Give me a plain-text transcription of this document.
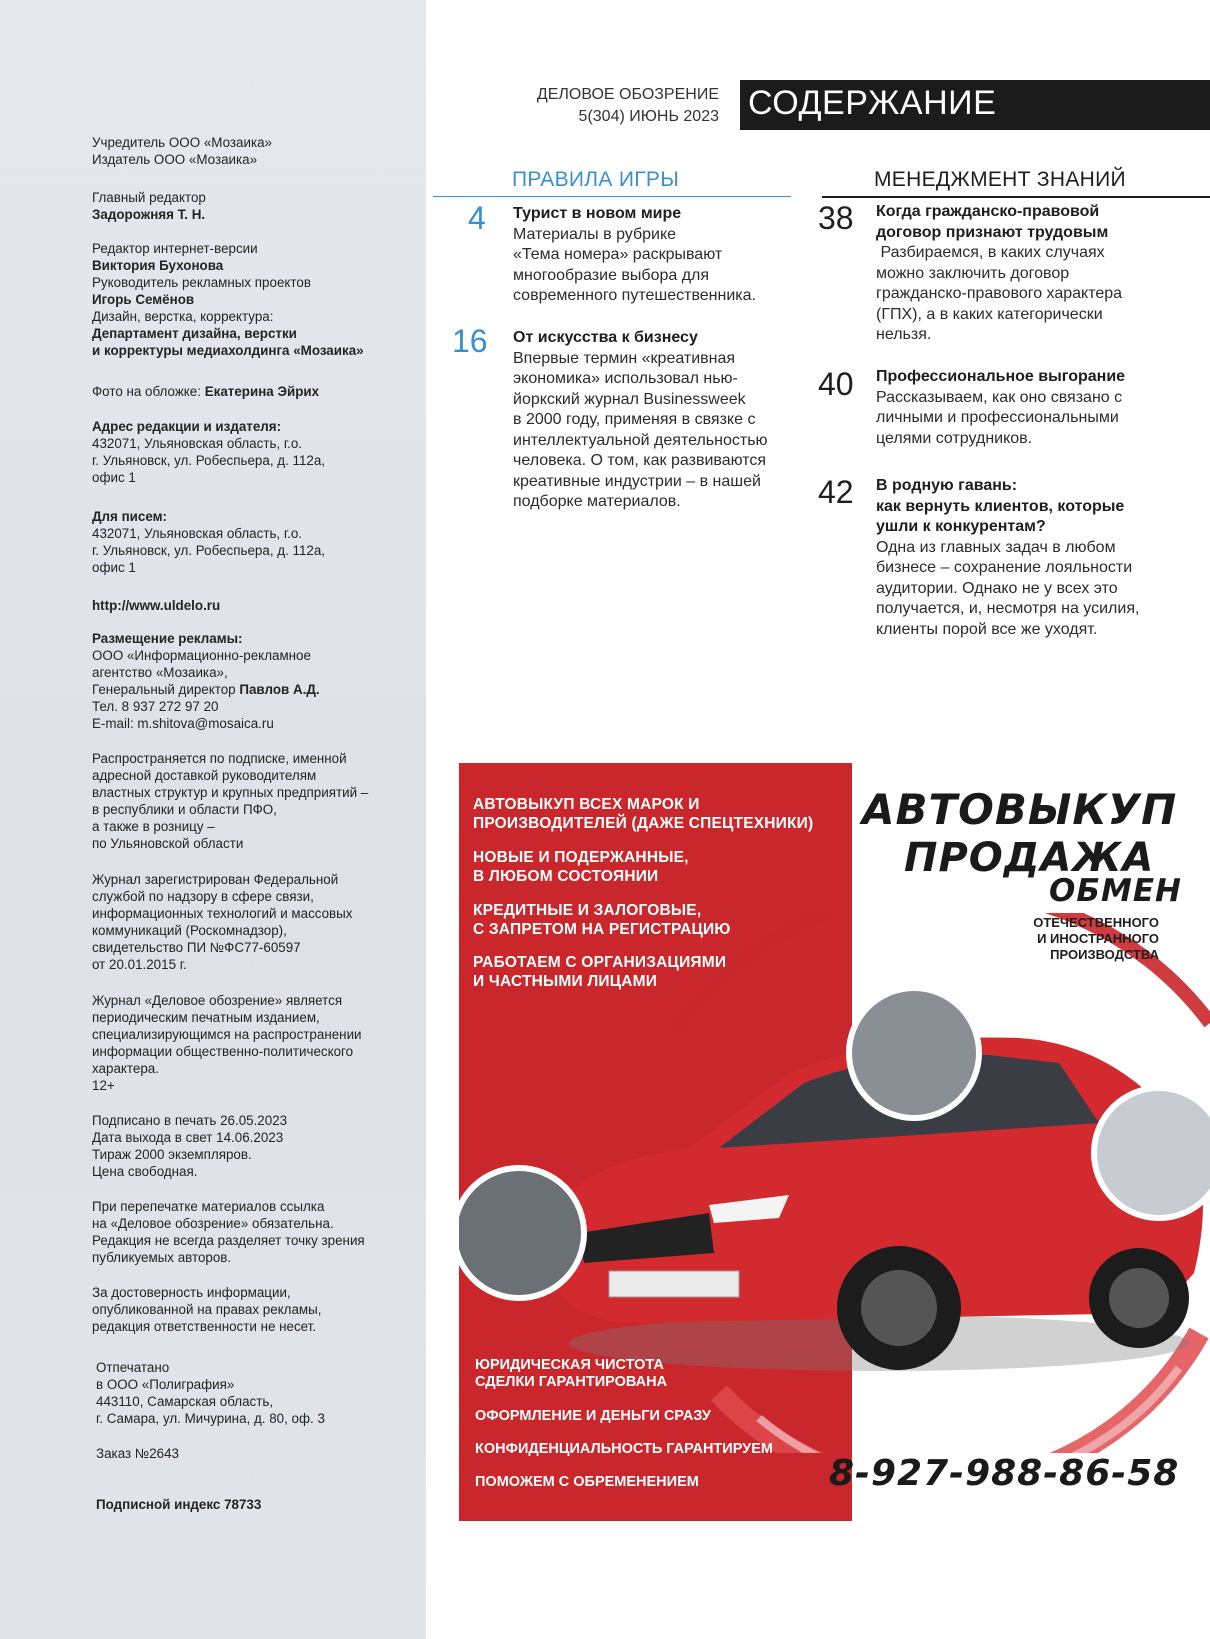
Учредитель ООО «Мозаика»
Издатель ООО «Мозаика»
Главный редактор
Задорожняя Т. Н.
Редактор интернет-версии
Виктория Бухонова
Руководитель рекламных проектов
Игорь Семёнов
Дизайн, верстка, корректура:
Департамент дизайна, верстки
и корректуры медиахолдинга «Мозаика»
Фото на обложке: Екатерина Эйрих
Адрес редакции и издателя:
432071, Ульяновская область, г.о.
г. Ульяновск, ул. Робеспьера, д. 112а,
офис 1
Для писем:
432071, Ульяновская область, г.о.
г. Ульяновск, ул. Робеспьера, д. 112а,
офис 1
http://www.uldelo.ru
Размещение рекламы:
ООО «Информационно-рекламное
агентство «Мозаика»,
Генеральный директор Павлов А.Д.
Тел. 8 937 272 97 20
E-mail: m.shitova@mosaica.ru
Распространяется по подписке, именной
адресной доставкой руководителям
властных структур и крупных предприятий –
в республики и области ПФО,
а также в розницу –
по Ульяновской области
Журнал зарегистрирован Федеральной
службой по надзору в сфере связи,
информационных технологий и массовых
коммуникаций (Роскомнадзор),
свидетельство ПИ №ФС77-60597
от 20.01.2015 г.
Журнал «Деловое обозрение» является
периодическим печатным изданием,
специализирующимся на распространении
информации общественно-политического
характера.
12+
Подписано в печать 26.05.2023
Дата выхода в свет 14.06.2023
Тираж 2000 экземпляров.
Цена свободная.
При перепечатке материалов ссылка
на «Деловое обозрение» обязательна.
Редакция не всегда разделяет точку зрения
публикуемых авторов.
За достоверность информации,
опубликованной на правах рекламы,
редакция ответственности не несет.
Отпечатано
в ООО «Полиграфия»
443110, Самарская область,
г. Самара, ул. Мичурина, д. 80, оф. 3
Заказ №2643
Подписной индекс 78733
ДЕЛОВОЕ ОБОЗРЕНИЕ
5(304) ИЮНЬ 2023 СОДЕРЖАНИЕ
ПРАВИЛА ИГРЫ
4 Турист в новом мире
Материалы в рубрике
«Тема номера» раскрывают
многообразие выбора для
современного путешественника.
16 От искусства к бизнесу
Впервые термин «креативная
экономика» использовал нью-
йоркский журнал Businessweek
в 2000 году, применяя в связке с
интеллектуальной деятельностью
человека. О том, как развиваются
креативные индустрии – в нашей
подборке материалов.
МЕНЕДЖМЕНТ ЗНАНИЙ
38 Когда гражданско-правовой
договор признают трудовым
Разбираемся, в каких случаях
можно заключить договор
гражданско-правового характера
(ГПХ), а в каких категорически
нельзя.
40 Профессиональное выгорание
Рассказываем, как оно связано с
личными и профессиональными
целями сотрудников.
42 В родную гавань:
как вернуть клиентов, которые
ушли к конкурентам?
Одна из главных задач в любом
бизнесе – сохранение лояльности
аудитории. Однако не у всех это
получается, и, несмотря на усилия,
клиенты порой все же уходят.
АВТОВЫКУП ВСЕХ МАРОК И
ПРОИЗВОДИТЕЛЕЙ (ДАЖЕ СПЕЦТЕХНИКИ)
НОВЫЕ И ПОДЕРЖАННЫЕ,
В ЛЮБОМ СОСТОЯНИИ
КРЕДИТНЫЕ И ЗАЛОГОВЫЕ,
С ЗАПРЕТОМ НА РЕГИСТРАЦИЮ
РАБОТАЕМ С ОРГАНИЗАЦИЯМИ
И ЧАСТНЫМИ ЛИЦАМИ
АВТОВЫКУП
ПРОДАЖА
ОБМЕН
ОТЕЧЕСТВЕННОГО
И ИНОСТРАННОГО
ПРОИЗВОДСТВА
ЮРИДИЧЕСКАЯ ЧИСТОТА
СДЕЛКИ ГАРАНТИРОВАНА
ОФОРМЛЕНИЕ И ДЕНЬГИ СРАЗУ
КОНФИДЕНЦИАЛЬНОСТЬ ГАРАНТИРУЕМ
ПОМОЖЕМ С ОБРЕМЕНЕНИЕМ	8-927-988-86-58
